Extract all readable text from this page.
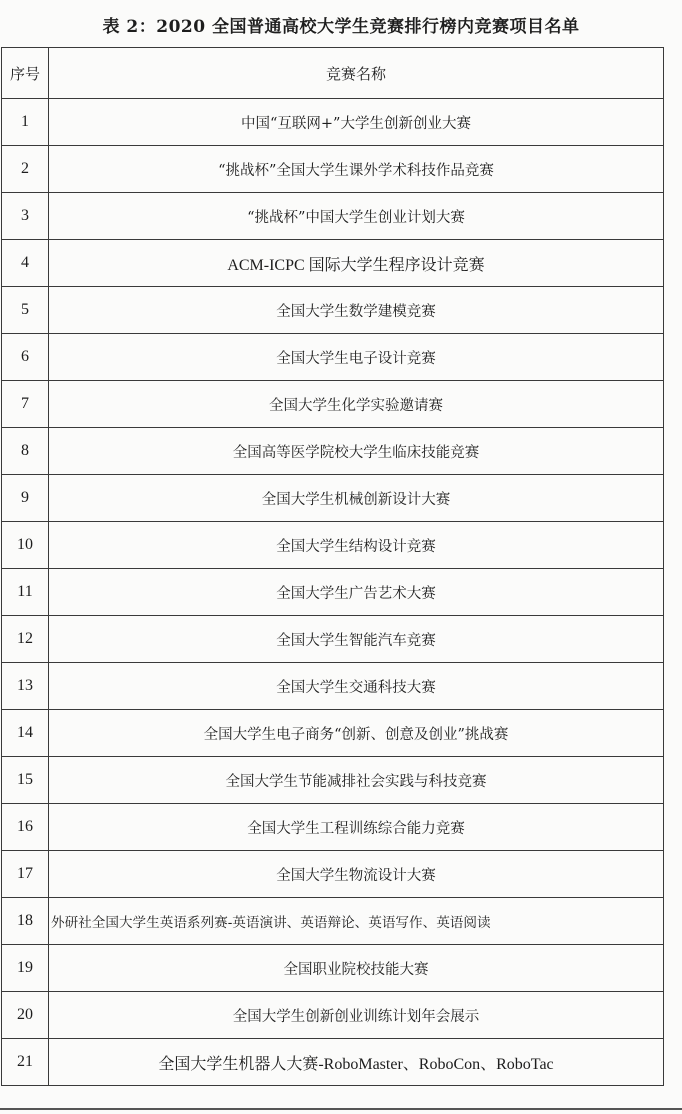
表 2：2020 全国普通高校大学生竞赛排行榜内竞赛项目名单
序号	竞赛名称
1	中国“互联网+”大学生创新创业大赛
2	“挑战杯”全国大学生课外学术科技作品竞赛
3	“挑战杯”中国大学生创业计划大赛
4	ACM-ICPC 国际大学生程序设计竞赛
5	全国大学生数学建模竞赛
6	全国大学生电子设计竞赛
7	全国大学生化学实验邀请赛
8	全国高等医学院校大学生临床技能竞赛
9	全国大学生机械创新设计大赛
10	全国大学生结构设计竞赛
11	全国大学生广告艺术大赛
12	全国大学生智能汽车竞赛
13	全国大学生交通科技大赛
14	全国大学生电子商务“创新、创意及创业”挑战赛
15	全国大学生节能减排社会实践与科技竞赛
16	全国大学生工程训练综合能力竞赛
17	全国大学生物流设计大赛
18	外研社全国大学生英语系列赛-英语演讲、英语辩论、英语写作、英语阅读
19	全国职业院校技能大赛
20	全国大学生创新创业训练计划年会展示
21	全国大学生机器人大赛-RoboMaster、RoboCon、RoboTac
